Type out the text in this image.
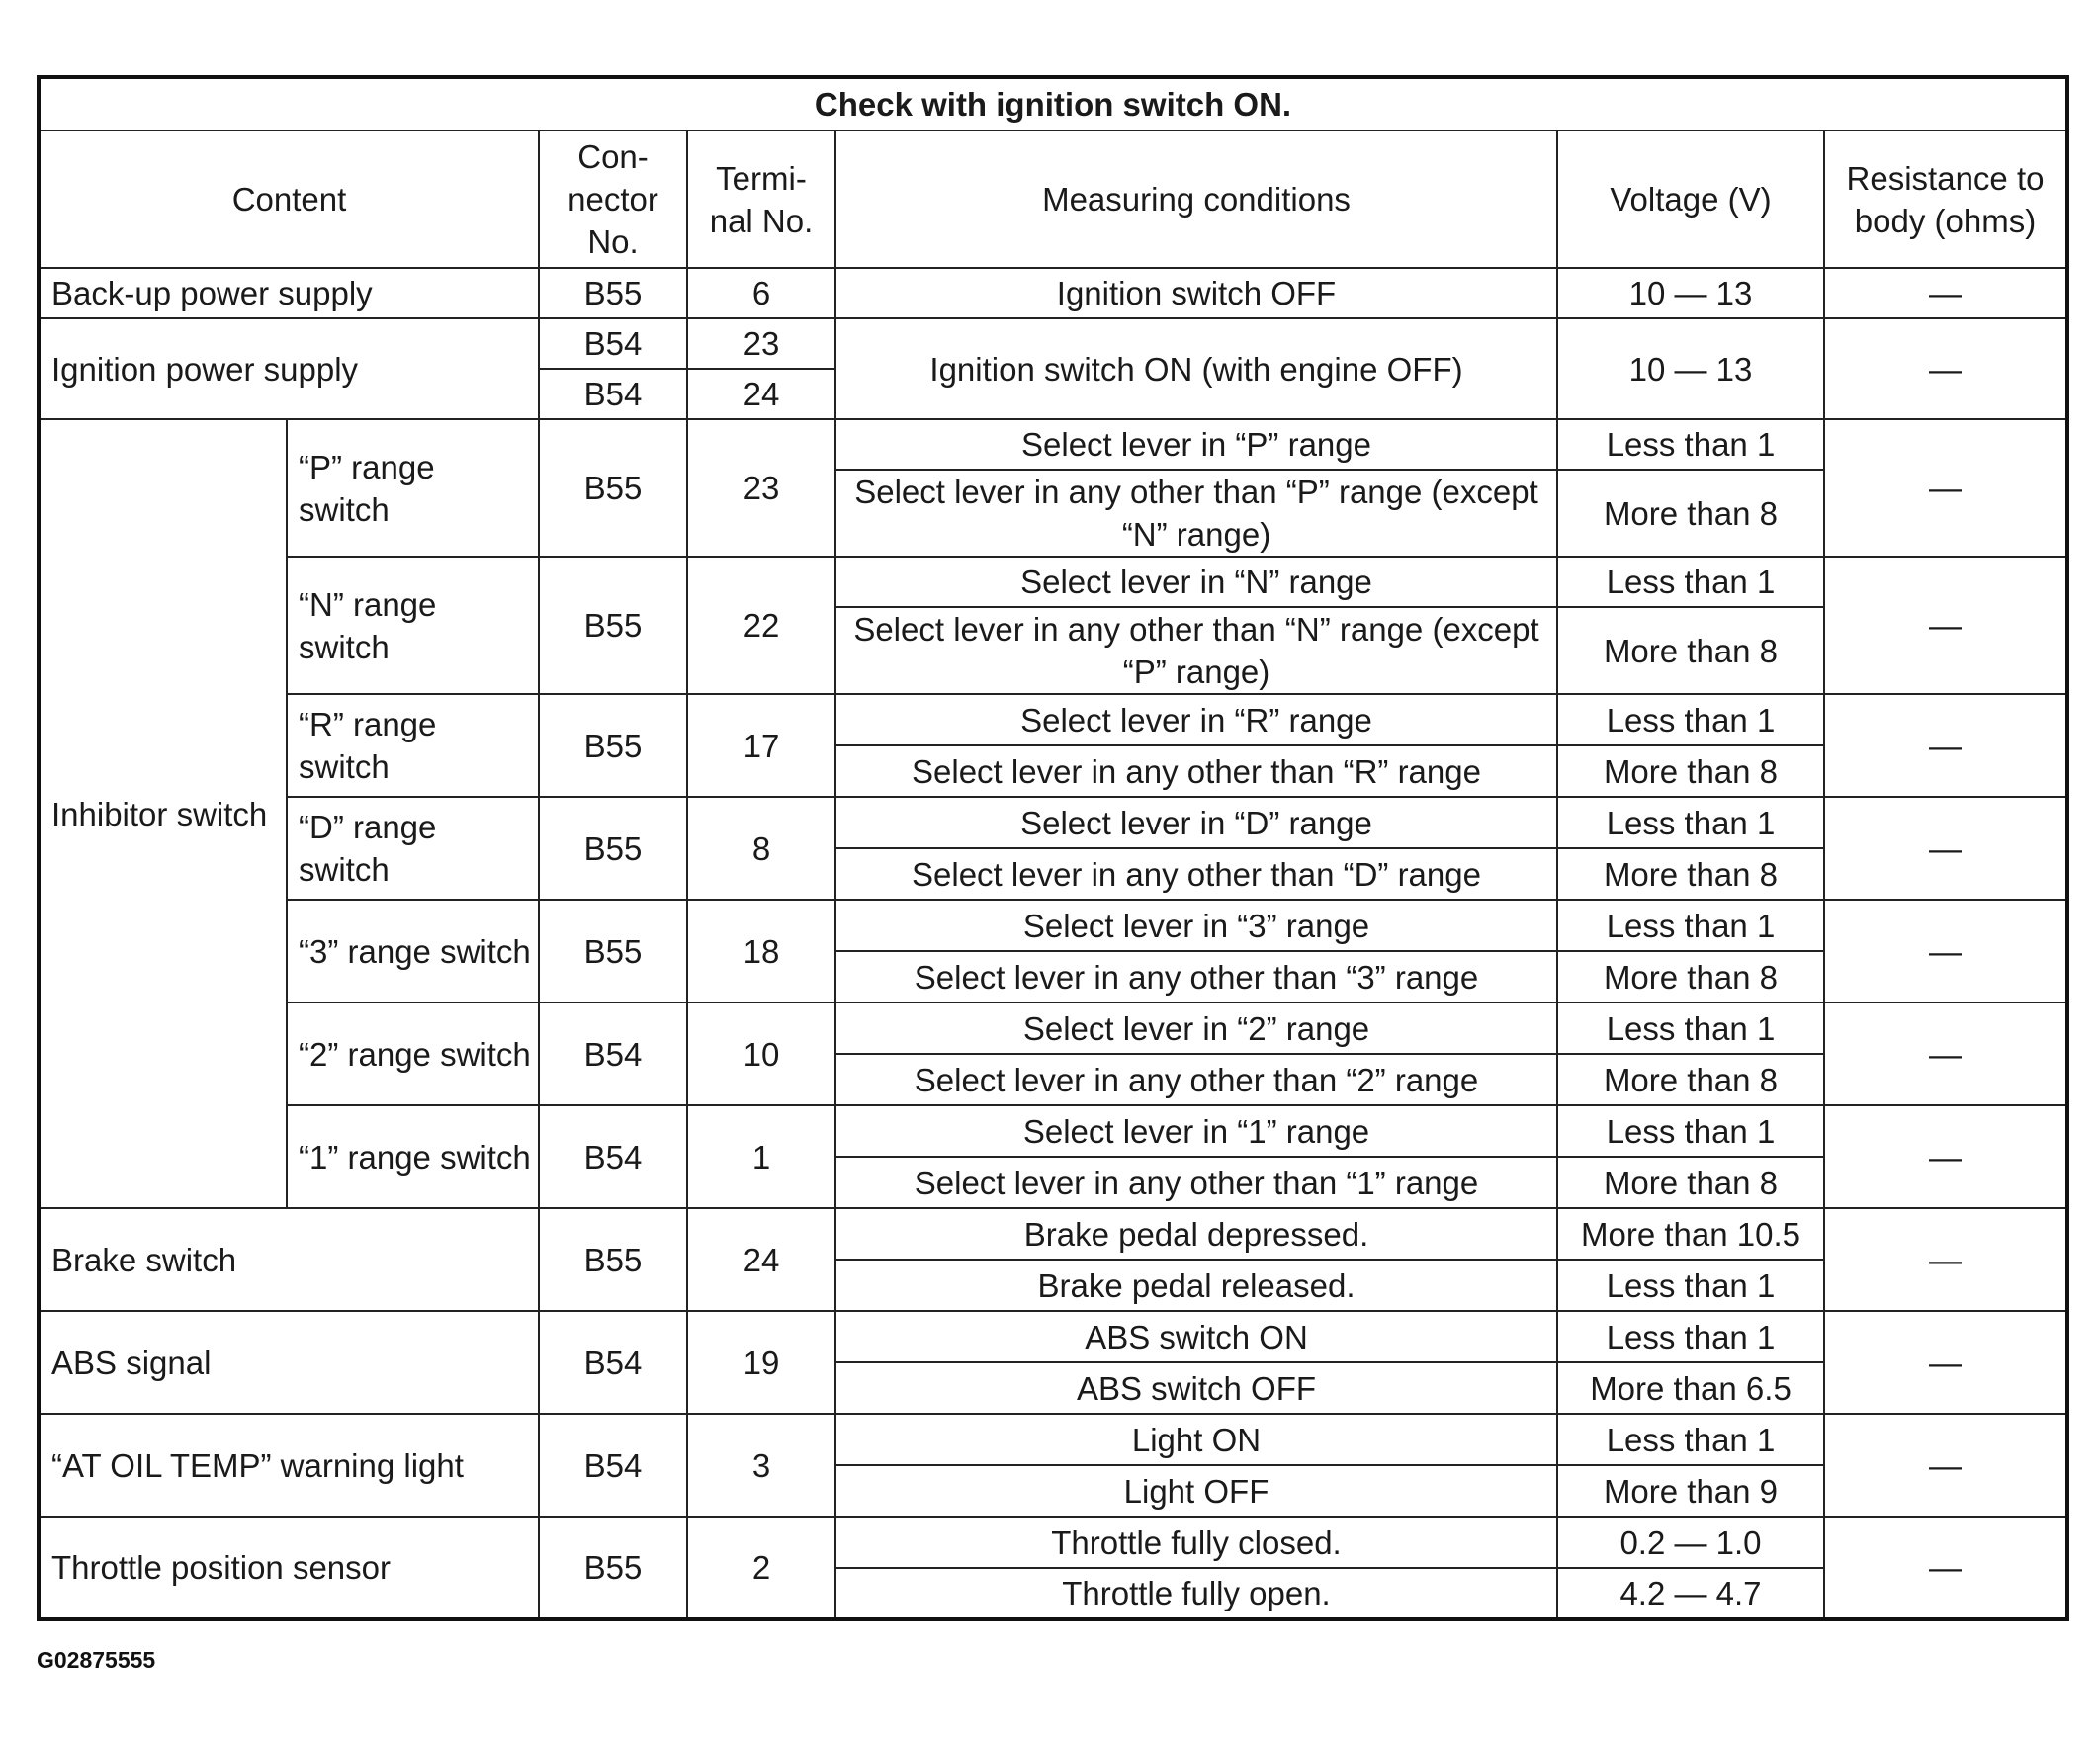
Check with ignition switch ON.						
Content		Con- nector No.	Termi- nal No.	Measuring conditions	Voltage (V)	Resistance to body (ohms)
Back-up power supply		B55	6	Ignition switch OFF	10 — 13	—
Ignition power supply		B54	23	Ignition switch ON (with engine OFF)	10 — 13	—
		B54	24			
Inhibitor switch	“P” range switch	B55	23	Select lever in “P” range	Less than 1	—
				Select lever in any other than “P” range (except “N” range)	More than 8	
	“N” range switch	B55	22	Select lever in “N” range	Less than 1	—
				Select lever in any other than “N” range (except “P” range)	More than 8	
	“R” range switch	B55	17	Select lever in “R” range	Less than 1	—
				Select lever in any other than “R” range	More than 8	
	“D” range switch	B55	8	Select lever in “D” range	Less than 1	—
				Select lever in any other than “D” range	More than 8	
	“3” range switch	B55	18	Select lever in “3” range	Less than 1	—
				Select lever in any other than “3” range	More than 8	
	“2” range switch	B54	10	Select lever in “2” range	Less than 1	—
				Select lever in any other than “2” range	More than 8	
	“1” range switch	B54	1	Select lever in “1” range	Less than 1	—
				Select lever in any other than “1” range	More than 8	
Brake switch		B55	24	Brake pedal depressed.	More than 10.5	—
				Brake pedal released.	Less than 1	
ABS signal		B54	19	ABS switch ON	Less than 1	—
				ABS switch OFF	More than 6.5	
“AT OIL TEMP” warning light		B54	3	Light ON	Less than 1	—
				Light OFF	More than 9	
Throttle position sensor		B55	2	Throttle fully closed.	0.2 — 1.0	—
				Throttle fully open.	4.2 — 4.7	
G02875555
